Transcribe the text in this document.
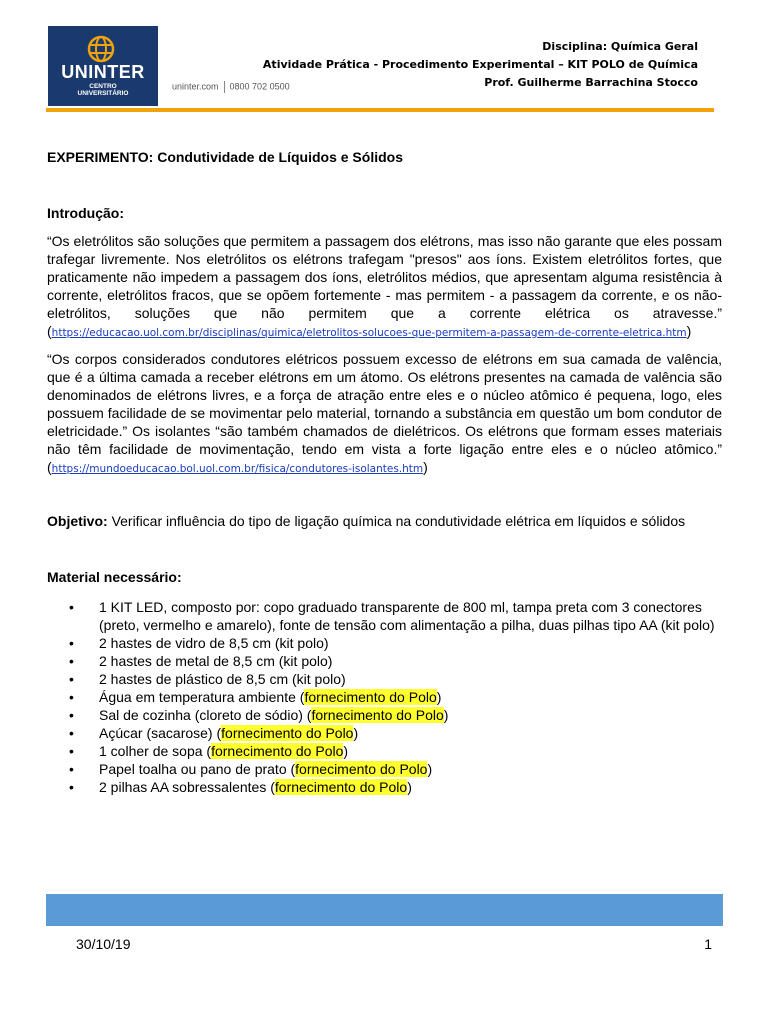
UNINTER
CENTRO
UNIVERSITÁRIO
uninter.com 0800 702 0500
Disciplina: Química Geral
Atividade Prática - Procedimento Experimental – KIT POLO de Química
Prof. Guilherme Barrachina Stocco

EXPERIMENTO: Condutividade de Líquidos e Sólidos

Introdução:

“Os eletrólitos são soluções que permitem a passagem dos elétrons, mas isso não garante que eles possam trafegar livremente. Nos eletrólitos os elétrons trafegam "presos" aos íons. Existem eletrólitos fortes, que praticamente não impedem a passagem dos íons, eletrólitos médios, que apresentam alguma resistência à corrente, eletrólitos fracos, que se opõem fortemente - mas permitem - a passagem da corrente, e os não-eletrólitos, soluções que não permitem que a corrente elétrica os atravesse.” (https://educacao.uol.com.br/disciplinas/quimica/eletrolitos-solucoes-que-permitem-a-passagem-de-corrente-eletrica.htm)

“Os corpos considerados condutores elétricos possuem excesso de elétrons em sua camada de valência, que é a última camada a receber elétrons em um átomo. Os elétrons presentes na camada de valência são denominados de elétrons livres, e a força de atração entre eles e o núcleo atômico é pequena, logo, eles possuem facilidade de se movimentar pelo material, tornando a substância em questão um bom condutor de eletricidade.” Os isolantes “são também chamados de dielétricos. Os elétrons que formam esses materiais não têm facilidade de movimentação, tendo em vista a forte ligação entre eles e o núcleo atômico.” (https://mundoeducacao.bol.uol.com.br/fisica/condutores-isolantes.htm)

Objetivo: Verificar influência do tipo de ligação química na condutividade elétrica em líquidos e sólidos

Material necessário:

• 1 KIT LED, composto por: copo graduado transparente de 800 ml, tampa preta com 3 conectores (preto, vermelho e amarelo), fonte de tensão com alimentação a pilha, duas pilhas tipo AA (kit polo)
• 2 hastes de vidro de 8,5 cm (kit polo)
• 2 hastes de metal de 8,5 cm (kit polo)
• 2 hastes de plástico de 8,5 cm (kit polo)
• Água em temperatura ambiente (fornecimento do Polo)
• Sal de cozinha (cloreto de sódio) (fornecimento do Polo)
• Açúcar (sacarose) (fornecimento do Polo)
• 1 colher de sopa (fornecimento do Polo)
• Papel toalha ou pano de prato (fornecimento do Polo)
• 2 pilhas AA sobressalentes (fornecimento do Polo)
30/10/19	1
